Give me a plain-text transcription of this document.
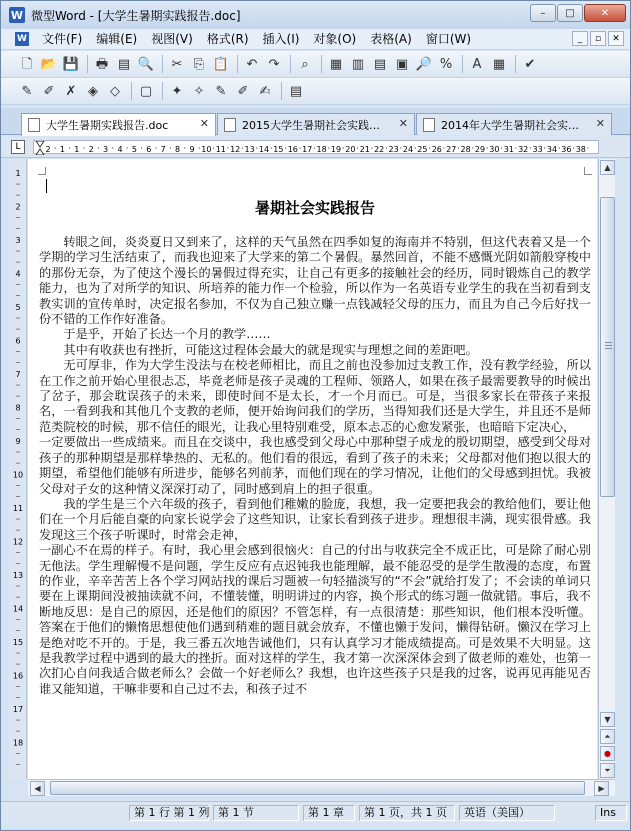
W 微型Word - [大学生暑期实践报告.doc]	–	□	✕
W	文件(F)	编辑(E)	视图(V)	格式(R)	插入(I)	对象(O)	表格(A)	窗口(W)	_	▫	✕
🗋 📂 💾 🖶 ▤ 🔍	✂ ⎘ 📋	↶ ↷	⌕	▦ ▥ ▤ ▣ 🔎 %	A ▦	✔
✎ ✐ ✗ ◈ ◇	▢	✦ ✧ ✎ ✐ ✍	▤
大学生暑期实践报告.doc	✕	2015大学生暑期社会实践… ✕	2014年大学生暑期社会实… ✕
L	2 1 1 2 3 4 5 6 7 8 9 10 11 12 13 14 15 16 17 18 19 20 21 22 23 24 25 26 27 28 29 30 31 32 33 34 36 38
1
2
3
4
5
6
7
8
9
10
11
12
13
14
15
16
17
18
暑期社会实践报告

转眼之间，炎炎夏日又到来了，这样的天气虽然在四季如复的海南并不特别，但这代表着又是一个学期的学习生活结束了，而我也迎来了大学来的第二个暑假。暴然回首，不能不感慨光阴如箭般穿梭中的那份无奈，为了使这个漫长的暑假过得充实，让自己有更多的接触社会的经历，同时锻炼自己的教学能力，也为了对所学的知识、所培养的能力作一个检验，所以作为一名英语专业学生的我在当初看到支教实训的宣传单时，决定报名参加，不仅为自己独立赚一点钱减轻父母的压力，而且为自己今后好找一份不错的工作作好准备。

于是乎，开始了长达一个月的教学……

其中有收获也有挫折，可能这过程体会最大的就是现实与理想之间的差距吧。

无可厚非，作为大学生没法与在校老师相比，而且之前也没参加过支教工作，没有教学经验，所以在工作之前开始心里很忐忑，毕竟老师是孩子灵魂的工程师、领路人，如果在孩子最需要教导的时候出了岔子，那会耽误孩子的未来，即使时间不是太长，才一个月而已。可是，当很多家长在带孩子来报名，一看到我和其他几个支教的老师，便开始询问我们的学历，当得知我们还是大学生，并且还不是师范类院校的时候，那不信任的眼光，让我心里特别难受，原本忐忑的心愈发紧张，也暗暗下定决心，

一定要做出一些成绩来。而且在交谈中，我也感受到父母心中那种望子成龙的殷切期望，感受到父母对孩子的那种期望是那样挚热的、无私的。他们看的很远，看到了孩子的未来；父母都对他们抱以很大的期望，希望他们能够有所进步，能够名列前茅，而他们现在的学习情况，让他们的父母感到担忧。我被父母对子女的这种情义深深打动了，同时感到肩上的担子很重。

我的学生是三个六年级的孩子，看到他们稚嫩的脸庞，我想，我一定要把我会的教给他们，要让他们在一个月后能自豪的向家长说学会了这些知识，让家长看到孩子进步。理想很丰满，现实很骨感。我发现这三个孩子听课时，时常会走神，

一副心不在焉的样子。有时，我心里会感到很恼火：自己的付出与收获完全不成正比，可是除了耐心别无他法。学生理解慢不是问题，学生反应有点迟钝我也能理解，最不能忍受的是学生散漫的态度，布置的作业，辛辛苦苦上各个学习网站找的课后习题被一句轻描淡写的“不会”就给打发了；不会读的单词只要在上课期间没被抽读就不问，不懂装懂，明明讲过的内容，换个形式的练习题一做就错。事后，我不断地反思：是自己的原因，还是他们的原因？不管怎样，有一点很清楚：那些知识，他们根本没听懂。答案在于他们的懒惰思想使他们遇到稍难的题目就会放弃，不懂也懒于发问，懒得钻研。懒汉在学习上是绝对吃不开的。于是，我三番五次地告诫他们，只有认真学习才能成绩提高。可是效果不大明显。这是我教学过程中遇到的最大的挫折。面对这样的学生，我才第一次深深体会到了做老师的难处，也第一次扪心自问我适合做老师么？会做一个好老师么？我想，也许这些孩子只是我的过客，说再见再能见否谁又能知道，干嘛非要和自己过不去，和孩子过不

▲
▼
⏶
●
⏷
◀	▶
第 1 行 第 1 列 第 1 节	第 1 章	第 1 页，共 1 页	英语（美国）	Ins
